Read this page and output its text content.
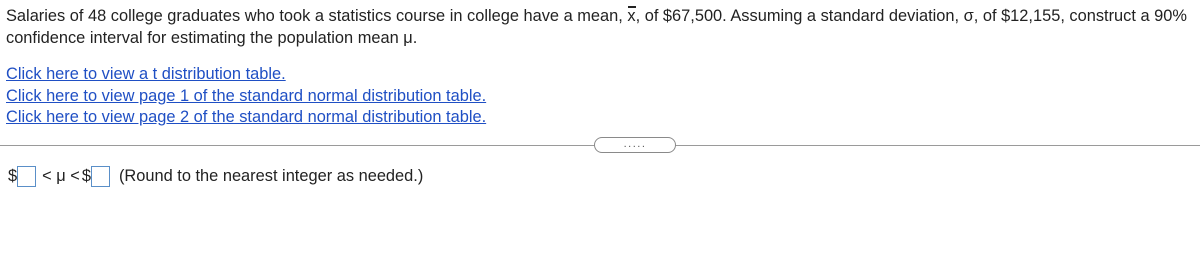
Salaries of 48 college graduates who took a statistics course in college have a mean, x, of $67,500. Assuming a standard deviation, σ, of $12,155, construct a 90% confidence interval for estimating the population mean μ.
Click here to view a t distribution table.
Click here to view page 1 of the standard normal distribution table.
Click here to view page 2 of the standard normal distribution table.
.....
$ < μ < $ (Round to the nearest integer as needed.)
